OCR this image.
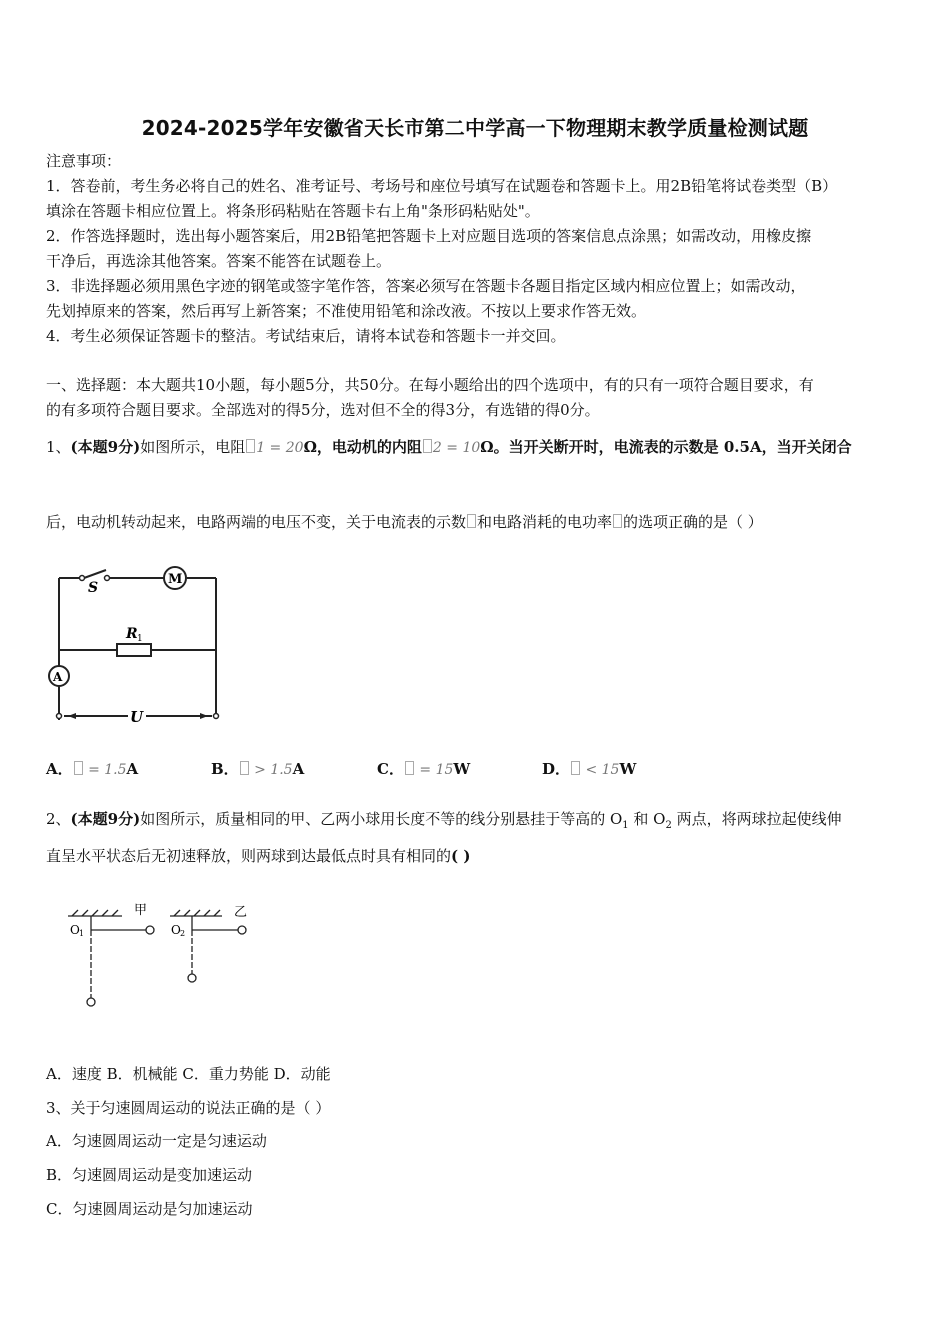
2024-2025学年安徽省天长市第二中学高一下物理期末教学质量检测试题
注意事项：
1．答卷前，考生务必将自己的姓名、准考证号、考场号和座位号填写在试题卷和答题卡上。用2B铅笔将试卷类型（B）
填涂在答题卡相应位置上。将条形码粘贴在答题卡右上角"条形码粘贴处"。
2．作答选择题时，选出每小题答案后，用2B铅笔把答题卡上对应题目选项的答案信息点涂黑；如需改动，用橡皮擦
干净后，再选涂其他答案。答案不能答在试题卷上。
3．非选择题必须用黑色字迹的钢笔或签字笔作答，答案必须写在答题卡各题目指定区域内相应位置上；如需改动，
先划掉原来的答案，然后再写上新答案；不准使用铅笔和涂改液。不按以上要求作答无效。
4．考生必须保证答题卡的整洁。考试结束后，请将本试卷和答题卡一并交回。
一、选择题：本大题共10小题，每小题5分，共50分。在每小题给出的四个选项中，有的只有一项符合题目要求，有
的有多项符合题目要求。全部选对的得5分，选对但不全的得3分，有选错的得0分。
1、(本题9分)如图所示，电阻 1 = 20Ω，电动机的内阻 2 = 10Ω。当开关断开时，电流表的示数是 0.5A，当开关闭合
后，电动机转动起来，电路两端的电压不变，关于电流表的示数 和电路消耗的电功率 的选项正确的是（ ）
S
M
R 1
A
U
A． = 1.5A	B． > 1.5A	C． = 15W	D． < 15W
2、(本题9分)如图所示，质量相同的甲、乙两小球用长度不等的线分别悬挂于等高的 $O_1$ 和 $O_2$ 两点，将两球拉起使线伸
直呈水平状态后无初速释放，则两球到达最低点时具有相同的( )
甲	乙
O 1	O 2
A．速度 B．机械能 C．重力势能 D．动能
3、关于匀速圆周运动的说法正确的是（ ）
A．匀速圆周运动一定是匀速运动
B．匀速圆周运动是变加速运动
C．匀速圆周运动是匀加速运动
